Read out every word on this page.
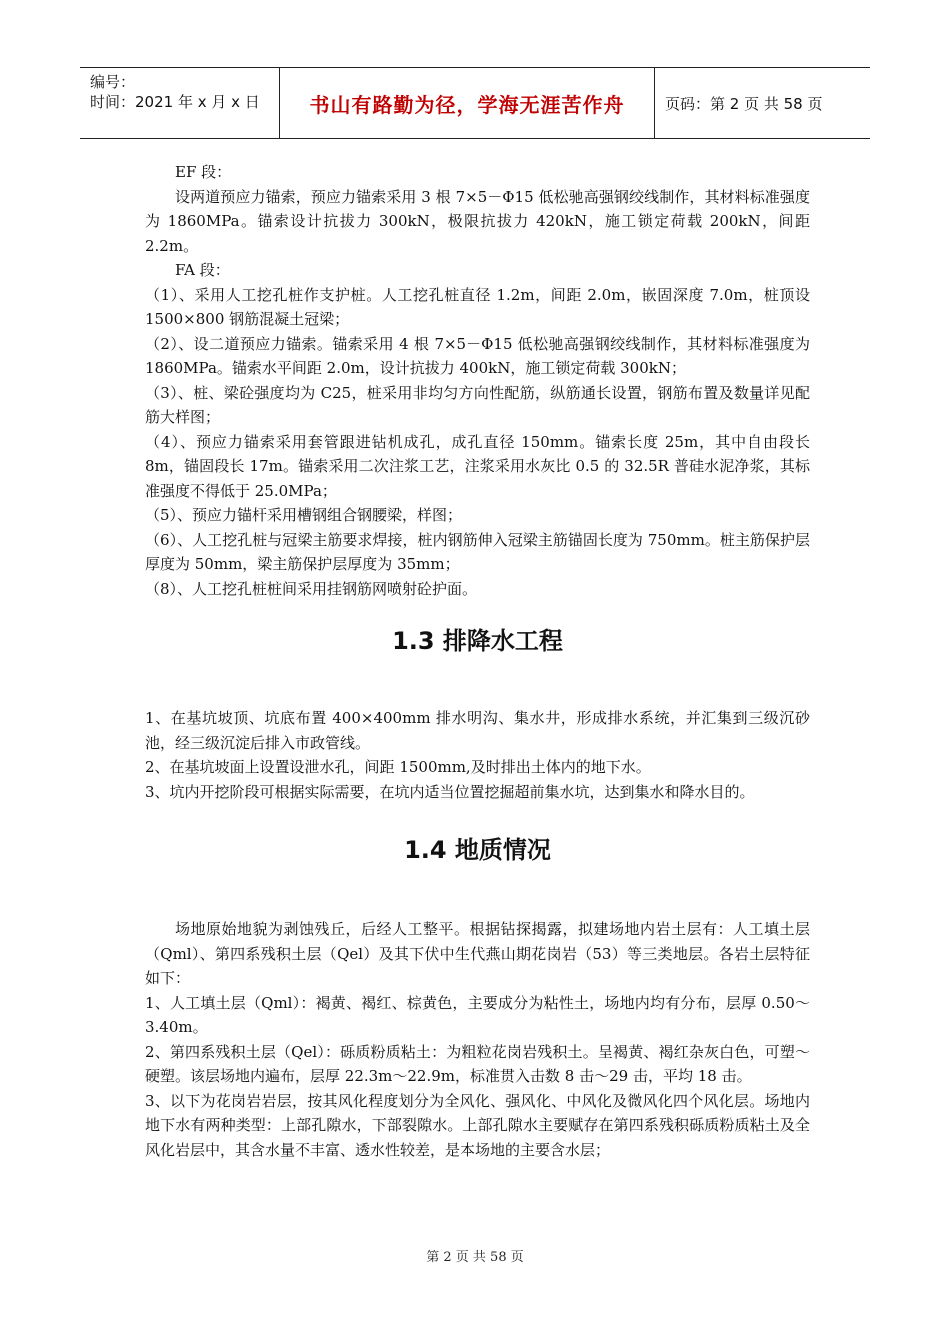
编号：
时间：2021 年 x 月 x 日	书山有路勤为径，学海无涯苦作舟	页码：第 2 页 共 58 页

EF 段：

设两道预应力锚索，预应力锚索采用 3 根 7×5－Φ15 低松驰高强钢绞线制作，其材料标准强度为 1860MPa。锚索设计抗拔力 300kN，极限抗拔力 420kN，施工锁定荷载 200kN，间距 2.2m。

FA 段：

（1）、采用人工挖孔桩作支护桩。人工挖孔桩直径 1.2m，间距 2.0m，嵌固深度 7.0m，桩顶设 1500×800 钢筋混凝土冠梁；

（2）、设二道预应力锚索。锚索采用 4 根 7×5－Φ15 低松驰高强钢绞线制作，其材料标准强度为 1860MPa。锚索水平间距 2.0m，设计抗拔力 400kN，施工锁定荷载 300kN；

（3）、桩、梁砼强度均为 C25，桩采用非均匀方向性配筋，纵筋通长设置，钢筋布置及数量详见配筋大样图；

（4）、预应力锚索采用套管跟进钻机成孔，成孔直径 150mm。锚索长度 25m，其中自由段长 8m，锚固段长 17m。锚索采用二次注浆工艺，注浆采用水灰比 0.5 的 32.5R 普硅水泥净浆，其标准强度不得低于 25.0MPa；

（5）、预应力锚杆采用槽钢组合钢腰梁，样图；

（6）、人工挖孔桩与冠梁主筋要求焊接，桩内钢筋伸入冠梁主筋锚固长度为 750mm。桩主筋保护层厚度为 50mm，梁主筋保护层厚度为 35mm；

（8）、人工挖孔桩桩间采用挂钢筋网喷射砼护面。

1.3 排降水工程

1、在基坑坡顶、坑底布置 400×400mm 排水明沟、集水井，形成排水系统，并汇集到三级沉砂池，经三级沉淀后排入市政管线。

2、在基坑坡面上设置设泄水孔，间距 1500mm,及时排出土体内的地下水。

3、坑内开挖阶段可根据实际需要，在坑内适当位置挖掘超前集水坑，达到集水和降水目的。

1.4 地质情况

场地原始地貌为剥蚀残丘，后经人工整平。根据钻探揭露，拟建场地内岩土层有：人工填土层（Qml）、第四系残积土层（Qel）及其下伏中生代燕山期花岗岩（53）等三类地层。各岩土层特征如下：

1、人工填土层（Qml）：褐黄、褐红、棕黄色，主要成分为粘性土，场地内均有分布，层厚 0.50～3.40m。

2、第四系残积土层（Qel）：砾质粉质粘土：为粗粒花岗岩残积土。呈褐黄、褐红杂灰白色，可塑～硬塑。该层场地内遍布，层厚 22.3m～22.9m，标准贯入击数 8 击～29 击，平均 18 击。

3、以下为花岗岩岩层，按其风化程度划分为全风化、强风化、中风化及微风化四个风化层。场地内地下水有两种类型：上部孔隙水，下部裂隙水。上部孔隙水主要赋存在第四系残积砾质粉质粘土及全风化岩层中，其含水量不丰富、透水性较差，是本场地的主要含水层；

第 2 页 共 58 页
